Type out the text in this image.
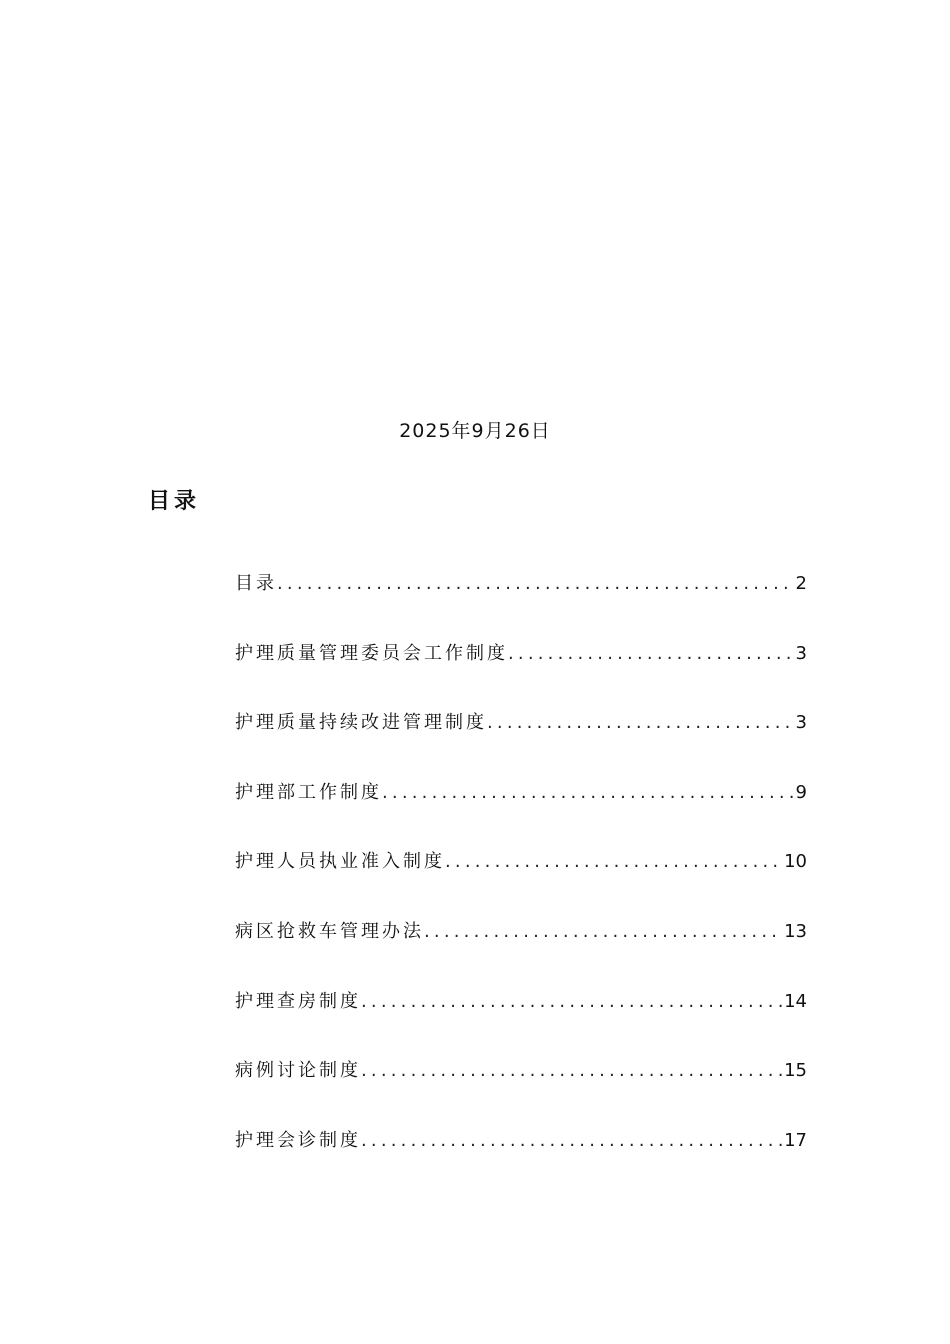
2025年9月26日
目录
目录 .....	2
护理质量管理委员会工作制度 .....	3
护理质量持续改进管理制度 .....	3
护理部工作制度 .....	9
护理人员执业准入制度 .....	10
病区抢救车管理办法 .....	13
护理查房制度 .....	14
病例讨论制度 .....	15
护理会诊制度 .....	17
